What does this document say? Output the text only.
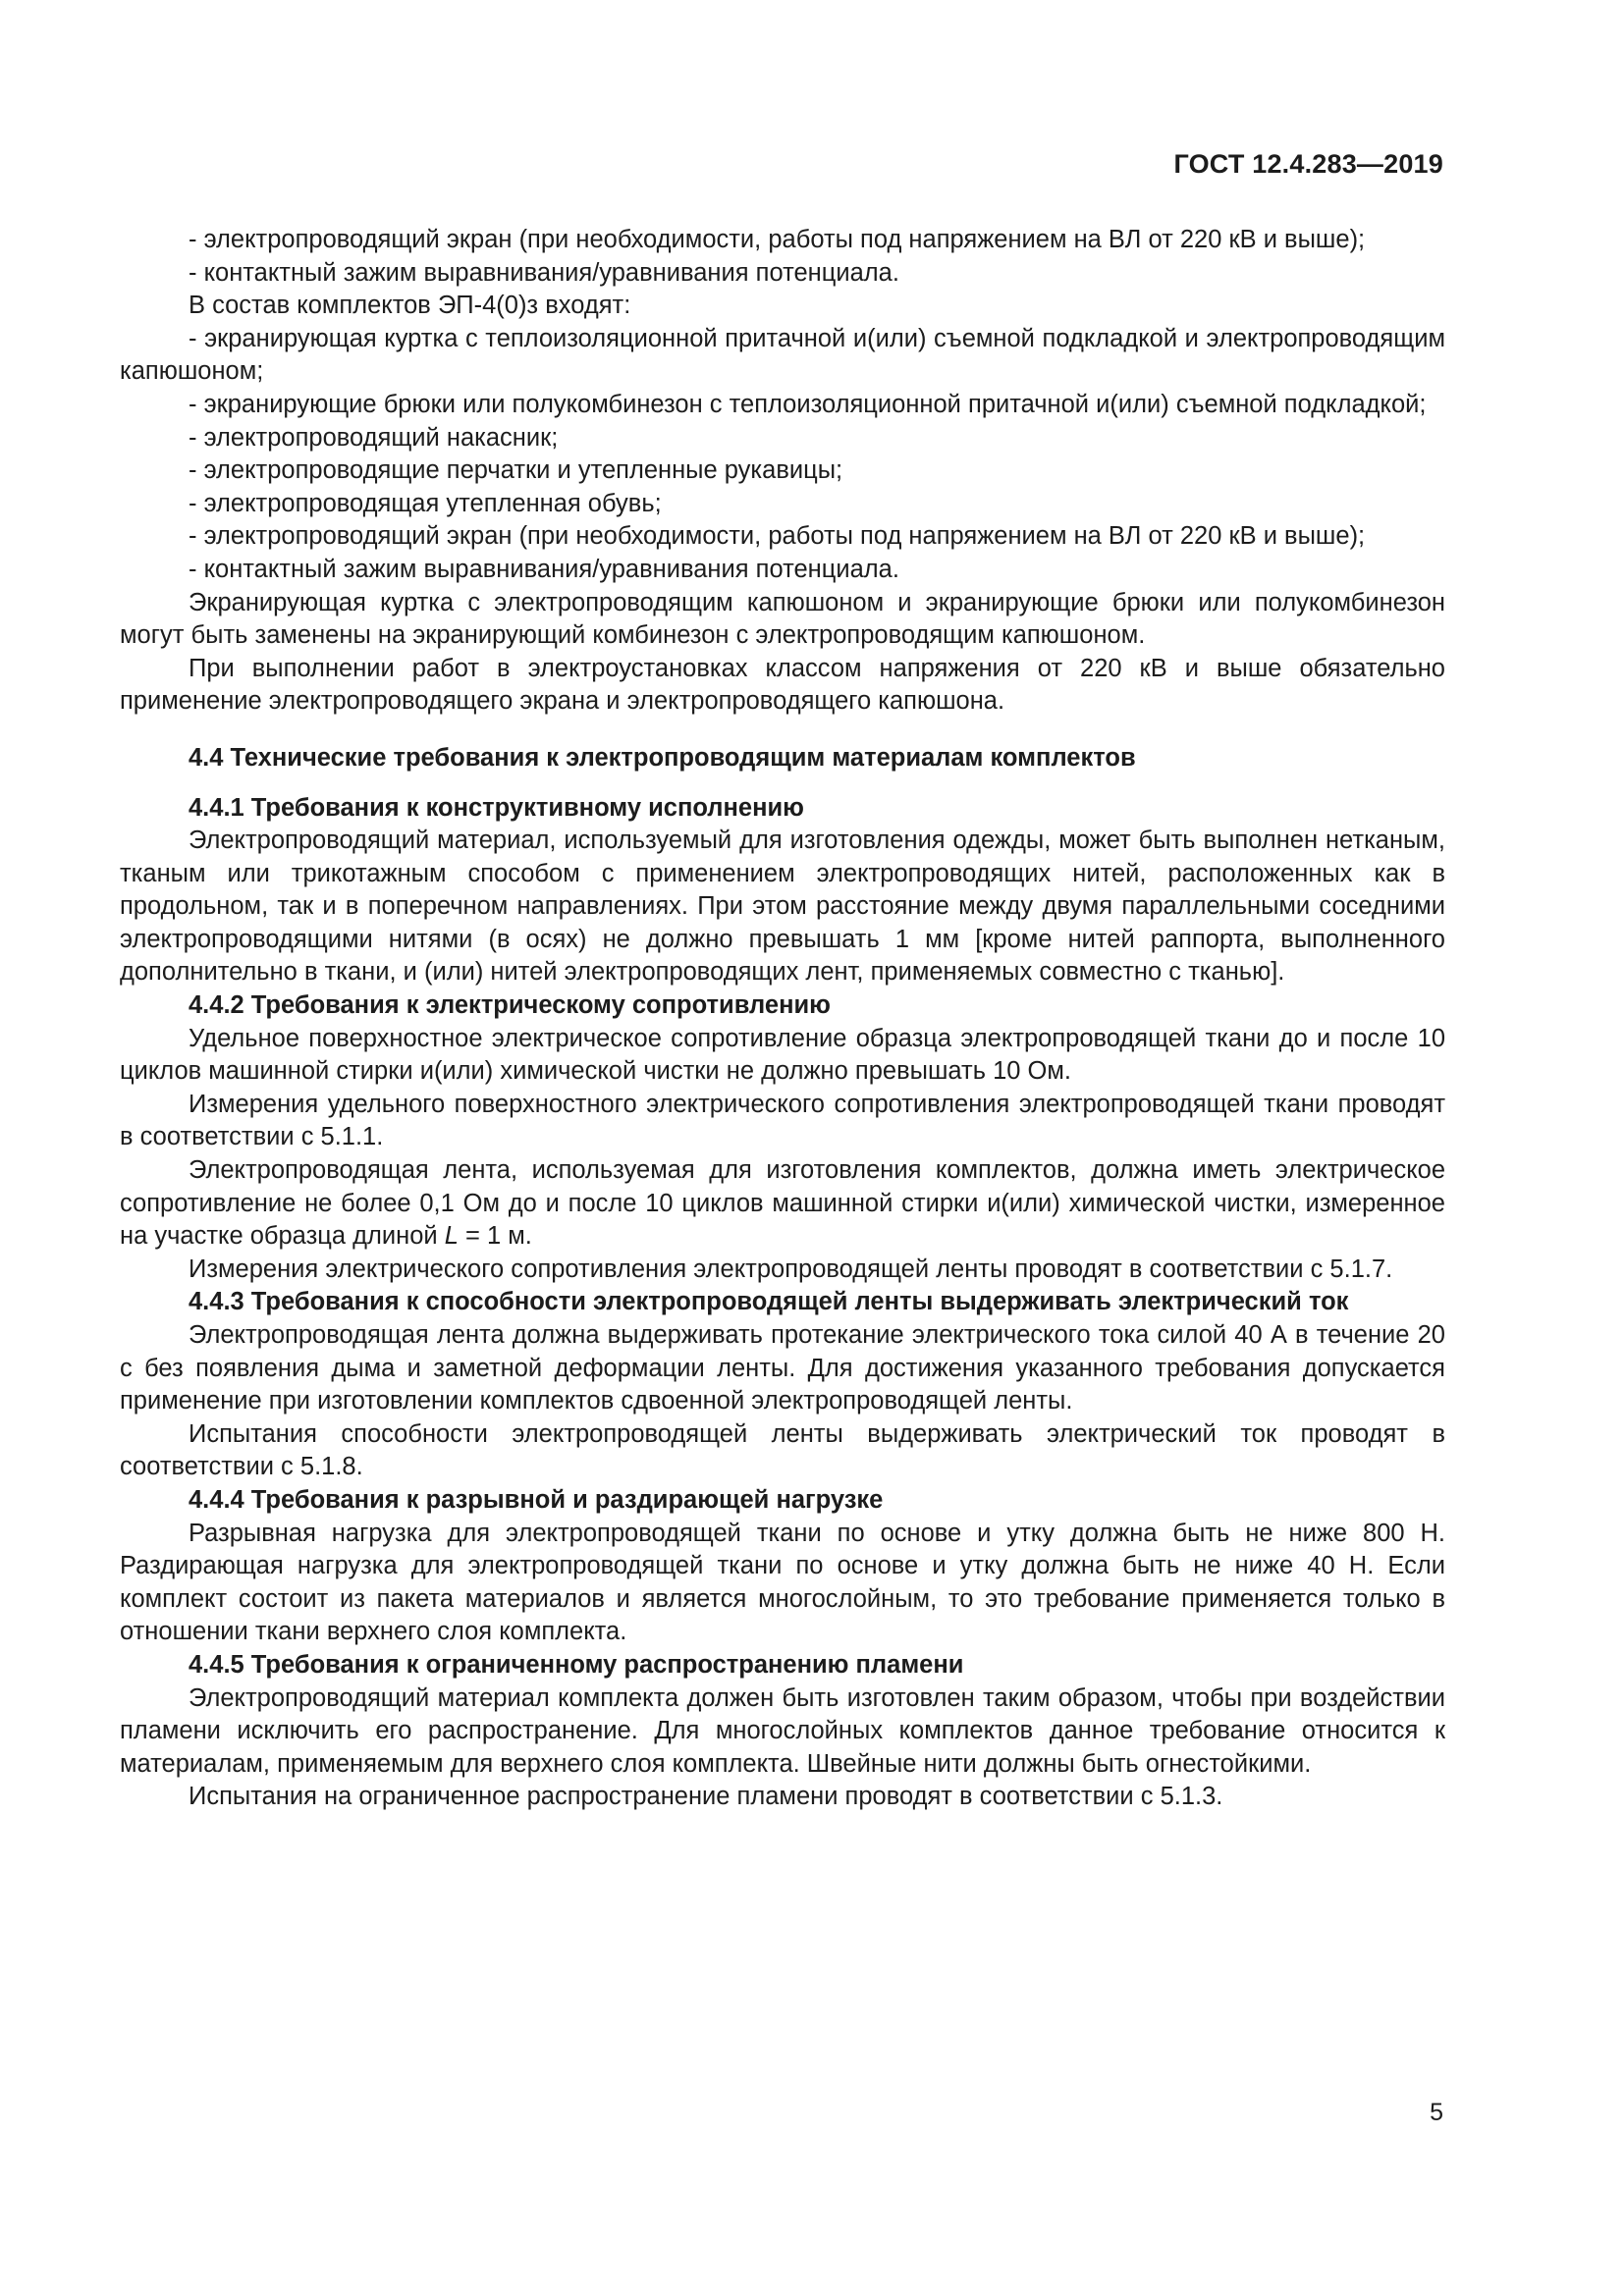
ГОСТ 12.4.283—2019

- электропроводящий экран (при необходимости, работы под напряжением на ВЛ от 220 кВ и выше);

- контактный зажим выравнивания/уравнивания потенциала.

В состав комплектов ЭП-4(0)з входят:

- экранирующая куртка с теплоизоляционной притачной и(или) съемной подкладкой и электропроводящим капюшоном;

- экранирующие брюки или полукомбинезон с теплоизоляционной притачной и(или) съемной подкладкой;

- электропроводящий накасник;

- электропроводящие перчатки и утепленные рукавицы;

- электропроводящая утепленная обувь;

- электропроводящий экран (при необходимости, работы под напряжением на ВЛ от 220 кВ и выше);

- контактный зажим выравнивания/уравнивания потенциала.

Экранирующая куртка с электропроводящим капюшоном и экранирующие брюки или полукомбинезон могут быть заменены на экранирующий комбинезон с электропроводящим капюшоном.

При выполнении работ в электроустановках классом напряжения от 220 кВ и выше обязательно применение электропроводящего экрана и электропроводящего капюшона.

4.4 Технические требования к электропроводящим материалам комплектов

4.4.1 Требования к конструктивному исполнению

Электропроводящий материал, используемый для изготовления одежды, может быть выполнен нетканым, тканым или трикотажным способом с применением электропроводящих нитей, расположенных как в продольном, так и в поперечном направлениях. При этом расстояние между двумя параллельными соседними электропроводящими нитями (в осях) не должно превышать 1 мм [кроме нитей раппорта, выполненного дополнительно в ткани, и (или) нитей электропроводящих лент, применяемых совместно с тканью].

4.4.2 Требования к электрическому сопротивлению

Удельное поверхностное электрическое сопротивление образца электропроводящей ткани до и после 10 циклов машинной стирки и(или) химической чистки не должно превышать 10 Ом.

Измерения удельного поверхностного электрического сопротивления электропроводящей ткани проводят в соответствии с 5.1.1.

Электропроводящая лента, используемая для изготовления комплектов, должна иметь электрическое сопротивление не более 0,1 Ом до и после 10 циклов машинной стирки и(или) химической чистки, измеренное на участке образца длиной L = 1 м.

Измерения электрического сопротивления электропроводящей ленты проводят в соответствии с 5.1.7.

4.4.3 Требования к способности электропроводящей ленты выдерживать электрический ток

Электропроводящая лента должна выдерживать протекание электрического тока силой 40 А в течение 20 с без появления дыма и заметной деформации ленты. Для достижения указанного требования допускается применение при изготовлении комплектов сдвоенной электропроводящей ленты.

Испытания способности электропроводящей ленты выдерживать электрический ток проводят в соответствии с 5.1.8.

4.4.4 Требования к разрывной и раздирающей нагрузке

Разрывная нагрузка для электропроводящей ткани по основе и утку должна быть не ниже 800 Н. Раздирающая нагрузка для электропроводящей ткани по основе и утку должна быть не ниже 40 Н. Если комплект состоит из пакета материалов и является многослойным, то это требование применяется только в отношении ткани верхнего слоя комплекта.

4.4.5 Требования к ограниченному распространению пламени

Электропроводящий материал комплекта должен быть изготовлен таким образом, чтобы при воздействии пламени исключить его распространение. Для многослойных комплектов данное требование относится к материалам, применяемым для верхнего слоя комплекта. Швейные нити должны быть огнестойкими.

Испытания на ограниченное распространение пламени проводят в соответствии с 5.1.3.

5
